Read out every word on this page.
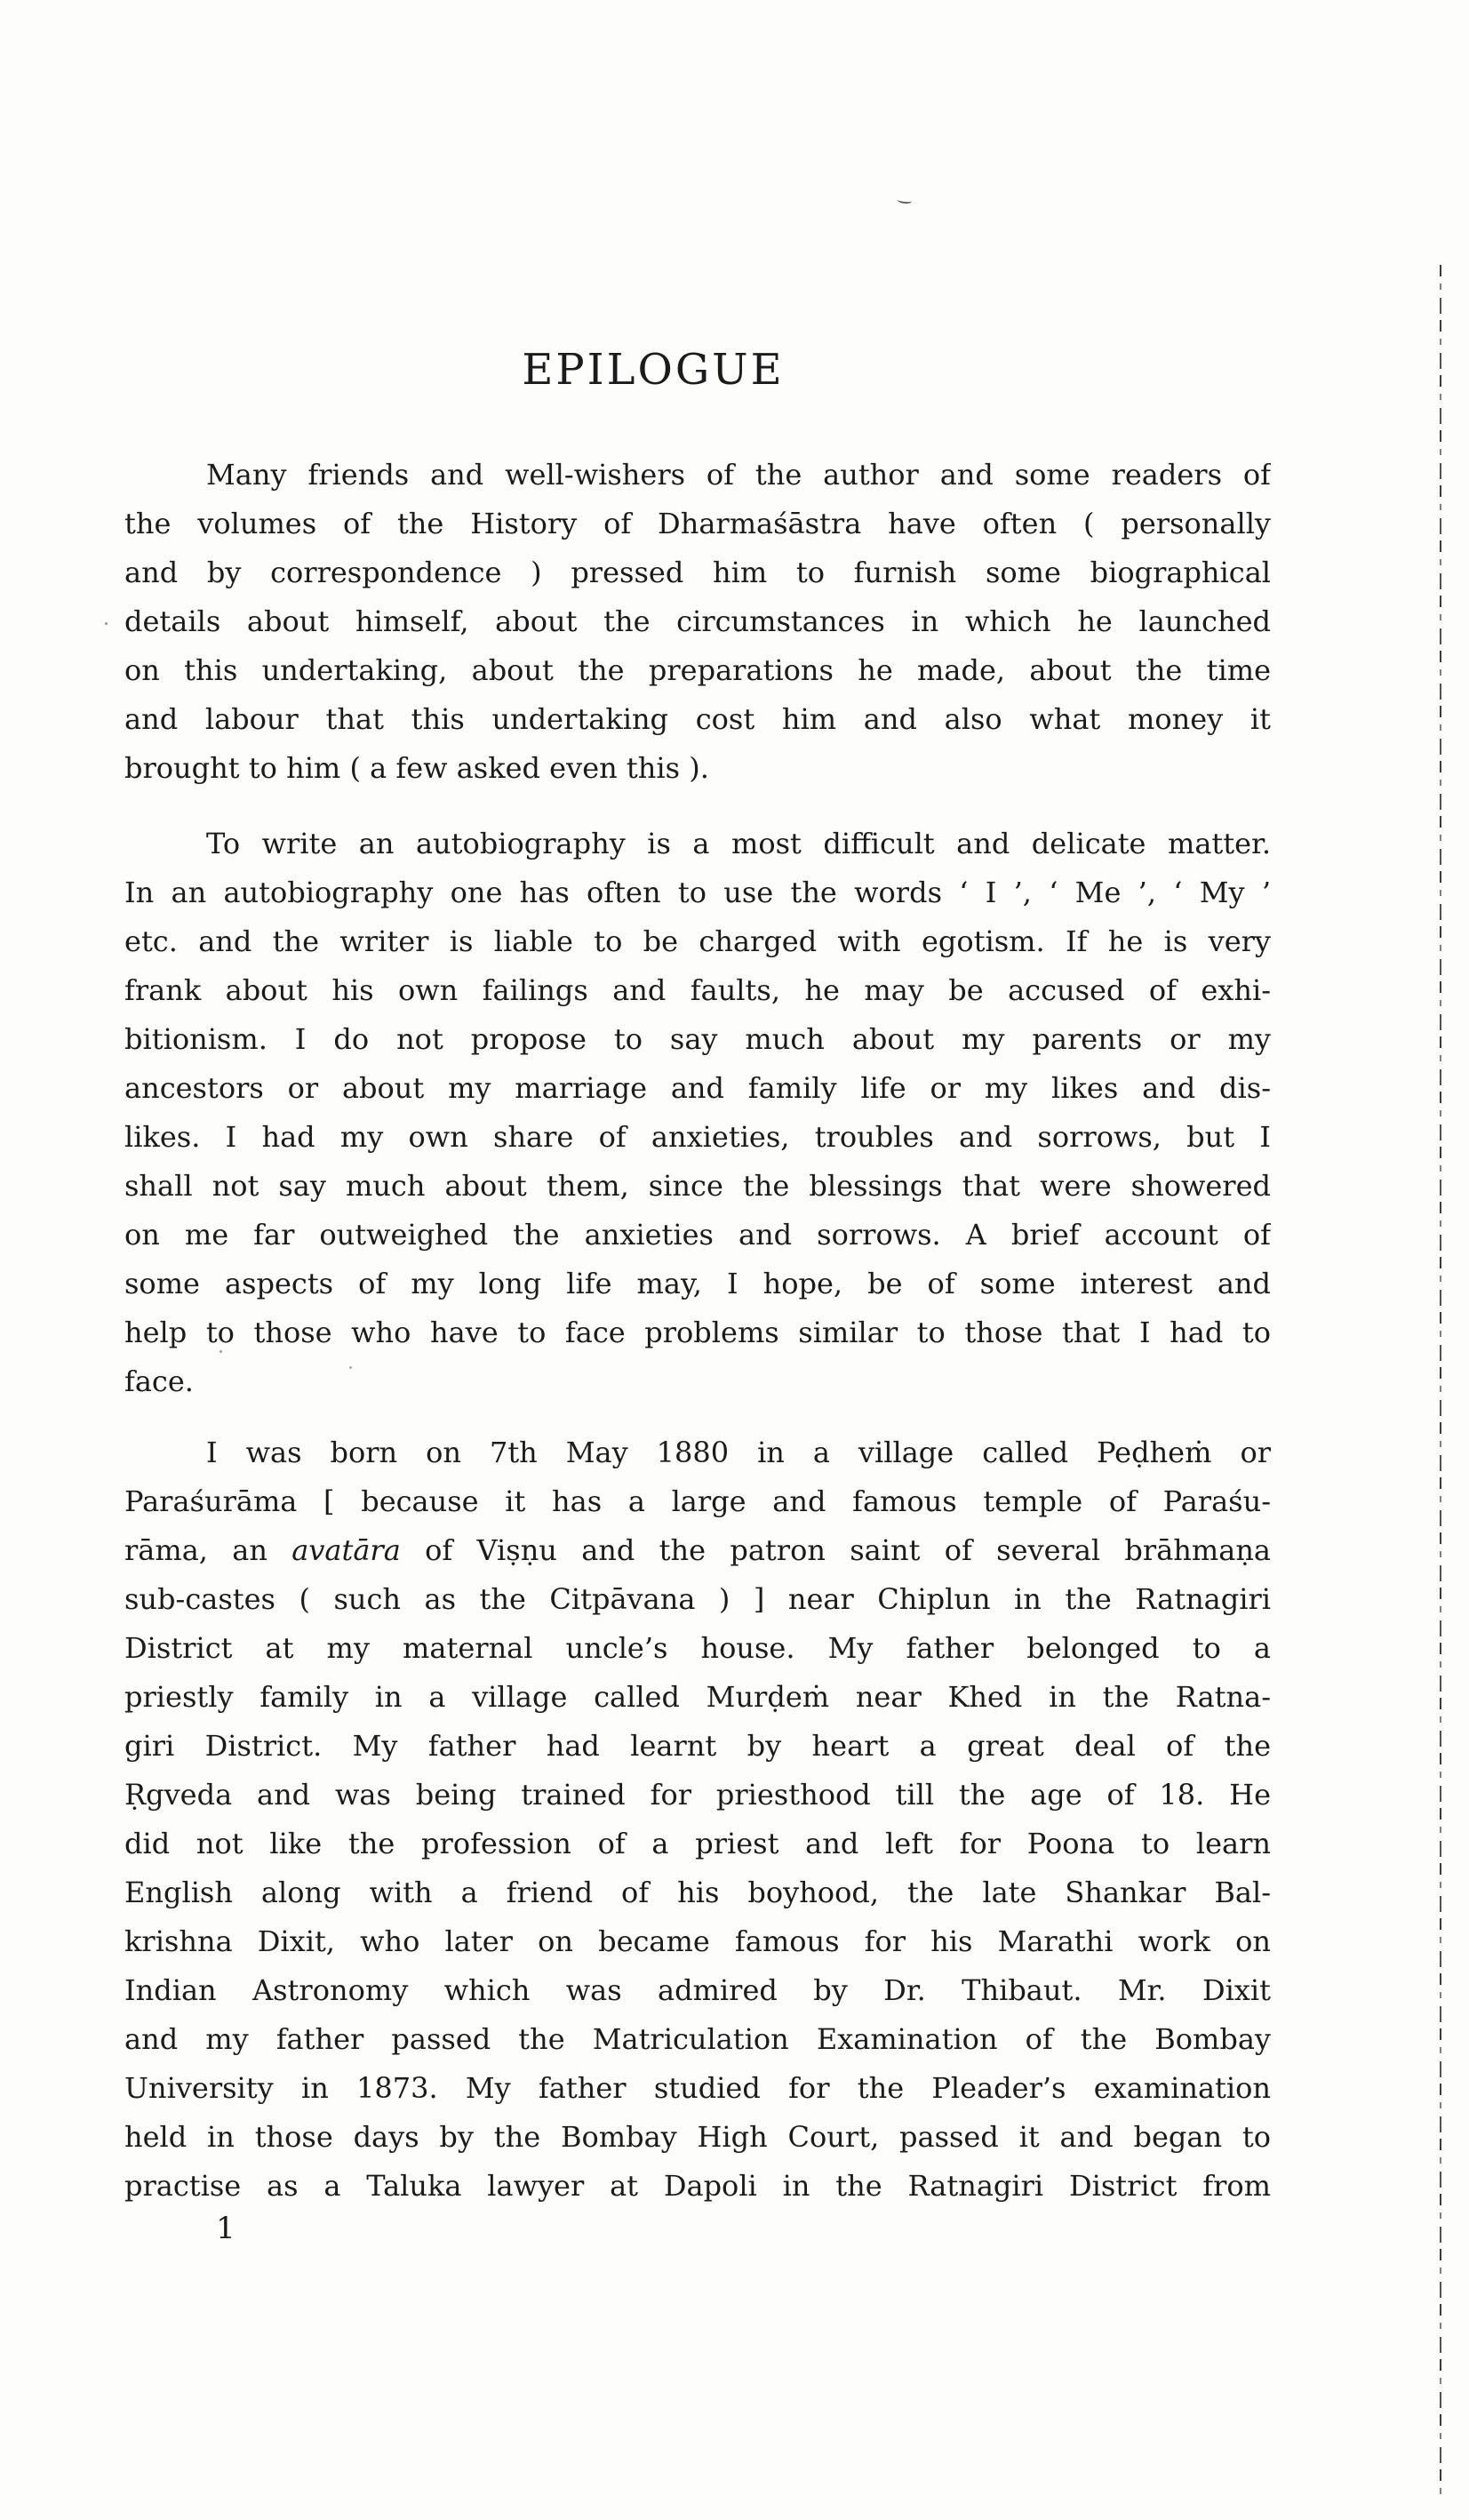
EPILOGUE
Many friends and well-wishers of the author and some readers of
the volumes of the History of Dharmaśāstra have often ( personally
and by correspondence ) pressed him to furnish some biographical
details about himself, about the circumstances in which he launched
on this undertaking, about the preparations he made, about the time
and labour that this undertaking cost him and also what money it
brought to him ( a few asked even this ).
To write an autobiography is a most difficult and delicate matter.
In an autobiography one has often to use the words ‘ I ’, ‘ Me ’, ‘ My ’
etc. and the writer is liable to be charged with egotism. If he is very
frank about his own failings and faults, he may be accused of exhi-
bitionism. I do not propose to say much about my parents or my
ancestors or about my marriage and family life or my likes and dis-
likes. I had my own share of anxieties, troubles and sorrows, but I
shall not say much about them, since the blessings that were showered
on me far outweighed the anxieties and sorrows. A brief account of
some aspects of my long life may, I hope, be of some interest and
help to those who have to face problems similar to those that I had to
face.
I was born on 7th May 1880 in a village called Peḍheṁ or
Paraśurāma [ because it has a large and famous temple of Paraśu-
rāma, an avatāra of Viṣṇu and the patron saint of several brāhmaṇa
sub-castes ( such as the Citpāvana ) ] near Chiplun in the Ratnagiri
District at my maternal uncle’s house. My father belonged to a
priestly family in a village called Murḍeṁ near Khed in the Ratna-
giri District. My father had learnt by heart a great deal of the
Ṛgveda and was being trained for priesthood till the age of 18. He
did not like the profession of a priest and left for Poona to learn
English along with a friend of his boyhood, the late Shankar Bal-
krishna Dixit, who later on became famous for his Marathi work on
Indian Astronomy which was admired by Dr. Thibaut. Mr. Dixit
and my father passed the Matriculation Examination of the Bombay
University in 1873. My father studied for the Pleader’s examination
held in those days by the Bombay High Court, passed it and began to
practise as a Taluka lawyer at Dapoli in the Ratnagiri District from
1
